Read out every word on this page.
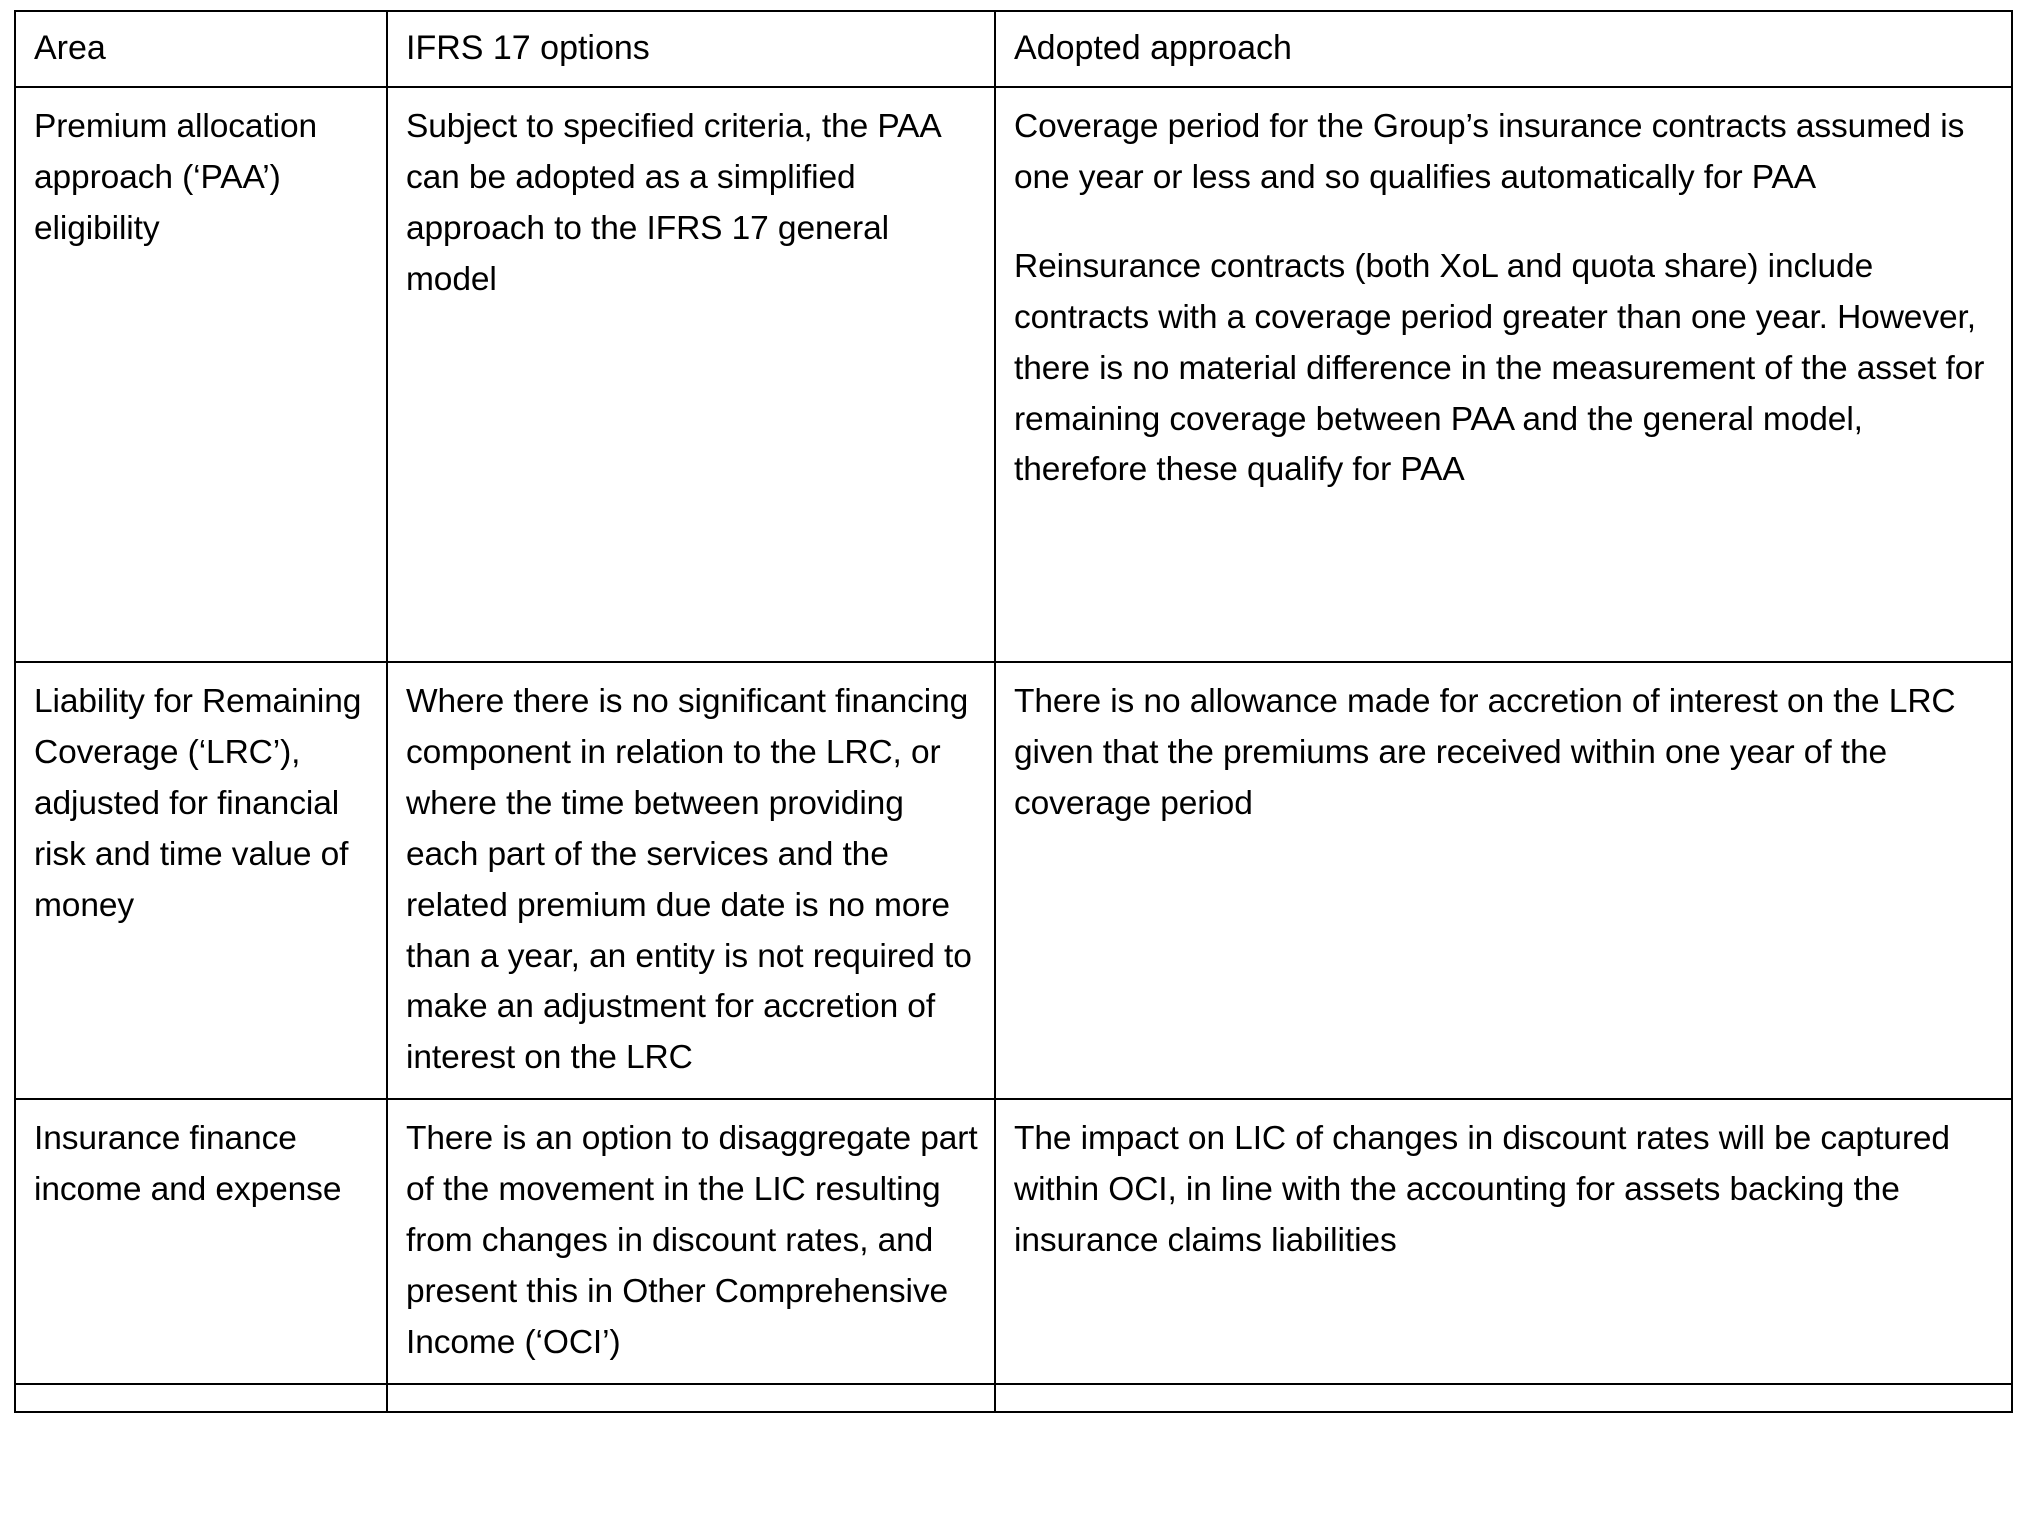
Area	IFRS 17 options	Adopted approach
Premium allocation approach (‘PAA’) eligibility	Subject to specified criteria, the PAA can be adopted as a simplified approach to the IFRS 17 general model	Coverage period for the Group’s insurance contracts assumed is one year or less and so qualifies automatically for PAA

Reinsurance contracts (both XoL and quota share) include contracts with a coverage period greater than one year. However, there is no material difference in the measurement of the asset for remaining coverage between PAA and the general model, therefore these qualify for PAA

Liability for Remaining Coverage (‘LRC’), adjusted for financial risk and time value of money	Where there is no significant financing component in relation to the LRC, or where the time between providing each part of the services and the related premium due date is no more than a year, an entity is not required to make an adjustment for accretion of interest on the LRC	There is no allowance made for accretion of interest on the LRC given that the premiums are received within one year of the coverage period

Insurance finance income and expense	There is an option to disaggregate part of the movement in the LIC resulting from changes in discount rates, and present this in Other Comprehensive Income (‘OCI’)	The impact on LIC of changes in discount rates will be captured within OCI, in line with the accounting for assets backing the insurance claims liabilities
